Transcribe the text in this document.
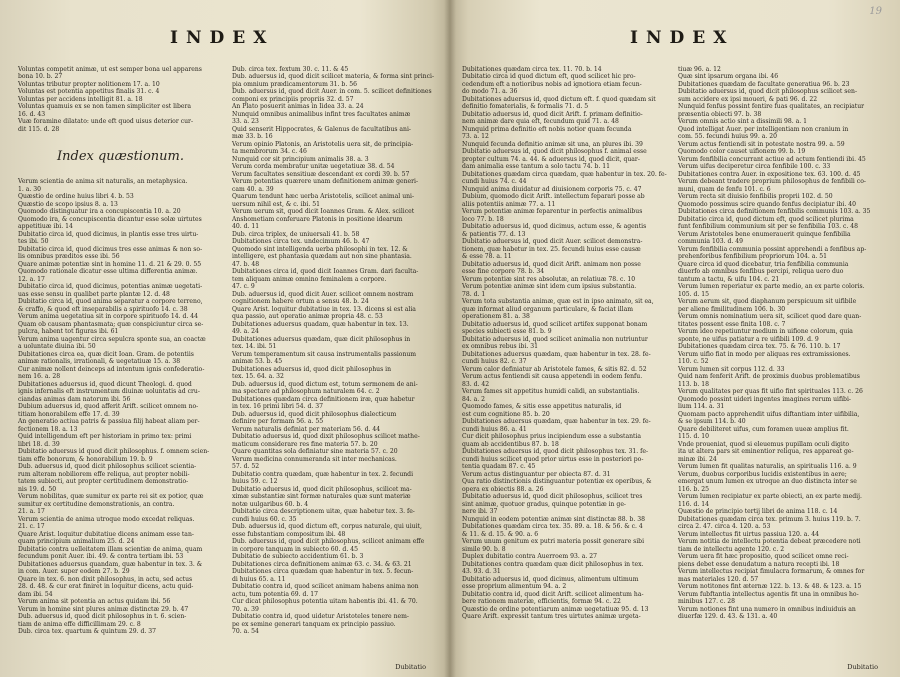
INDEX

Voluntas competit animæ, ut est semper bona uel apparens
bona 10. b. 27
Voluntas tributur propter nolitionem 17. a. 10
Voluntas est potentia appetitus finalis 31. c. 4
Voluntas per accidens intelligit 81. a. 18
Voluntas quamuis ex se non tamen simpliciter est libera
16. d. 43
Vuæ foramine dilatato: unde eft quod uisus deterior cur-
dit 115. d. 28

Index quæstionum.

Verum scientia de anima sit naturalis, an metaphysica.
1. a. 30
Quæstio de ordine huius libri 4. b. 53
Quæstio de scopo ipsius 8. a. 13
Quomodo distinguatur ira a concupiscentia 10. a. 20
Quomodo ira, & concupiscentia dicantur esse solæ uirtutes
appetitiuæ ibi. 14
Dubitatio circa id, quod dicimus, in plantis esse tres uirtu-
tes ibi. 50
Dubitatio circa id, quod dicimus tres esse animas & non so-
lis omnibus præditos esse ibi. 56
Quare animæ potentiæ sint in homine 11. d. 21 & 29. 0. 55
Quomodo rationale dicatur esse ultima differentia animæ.
12. a. 17
Dubitatio circa id, quod dicimus, potentias animæ uegetati-
uas esse sensu in qualibet parte plantæ 12. d. 48
Dubitatio circa id, quod anima separatur a corpore terreno,
& craffo, & quod eft inseparabilis a spirituofo 14. c. 38
Verum anima uegetatiua sit in corpore spirituofo 14. d. 44
Quam ob causam phantasmata; quæ conspiciuntur circa se-
pulcra, habent tot figuras ibi. 61
Verum anima uagentur circa sepulcra sponte sua, an coactæ
a uoluntate diuina ibi. 50
Dubitationes circa ea, quæ dicit Ioan. Gram. de potentiis
animæ rationalis, irrationali, & uegetatiuæ 15. a. 38
Cur animæ nollent deinceps ad intentum ignis confederatio-
nem 16. a. 28
Dubitationes aduersus id, quod dicunt Theologi. d. quod
ignis infernalis eft instrumentum diuinæ uoluntatis ad cru-
ciandas animas dam natorum ibi. 56
Dubium aduersus id, quod afferit Arift. scilicet omnem no-
titiam honorabilem effe 17. d. 39
An generatio actiua patris & passiua filij habeat aliam per-
fectionem 18. a. 13
Quid intelligendum eft per historiam in primo tex: primi
libri 18. d. 39
Dubitatio aduersus id quod dicit philosophus. f. omnem scien-
tiam effe bonorum, & honorabilium 19. b. 9
Dub. aduersus id, quod dicit philosophus scilicet scientia-
rum alteram nobiliorem effe reliqua, aut propter nobili-
tatem subiecti, aut propter certitudinem demonstratio-
nis 19. d. 50
Verum nobilitas, quæ sumitur ex parte rei sit ex potior, quæ
sumitur ex certitudine demonstrationis, an contra.
21. a. 17
Verum scientia de anima utroque modo excedat reliquas.
21. c. 17
Quare Arist. loquitur dubitatiue dicens animam esse tan-
quam principium animalium 25. d. 24
Dubitatio contra uelleitatem illam scientiæ de anima, quam
fecundum ponit Auer. ibi. 49. & contra tertiam ibi. 53
Dubitationes aduersus quandam, quæ habentur in tex. 3. &
in com. Auer. super eodem 27. b. 29
Quare in tex. 6. non dixit philosophus, in actu, sed actus
28. d. 48. & cur erat finiret in loquitur dicens, actu quid-
dam ibi. 54
Verum anima sit potentia an actus quidam ibi. 56
Verum in homine sint plures animæ distinctæ 29. b. 47
Dub. aduersus id, quod dicit philosophus in t. 6. scien-
tiam de anima effe difficillimam 29. c. 8
Dub. circa tex. quartum & quintum 29. d. 37

Dub. circa tex. fextum 30. c. 11. & 45
Dub. aduersus id, quod dicit scilicet materia, & forma sint princi-
pia omnium prædicamentorum 31. b. 56
Dub. aduersus id, quod dicit Auer. in com. 5. scilicet definitiones
componi ex principiis propriis 32. d. 57
An Plato posuerit animas in Iidea 33. a. 24
Nunquid omnibus animalibus infint tres facultates animæ
33. a. 23
Quid senserit Hippocrates, & Galenus de facultatibus ani-
mæ 33. b. 16
Verum opinio Platonis, an Aristotelis uera sit, de principia-
ta membrorum 34. c. 46
Nunquid cor sit principium animalis 38. a. 3
Verum corda membratur unitæ uegetatiuæ 38. d. 54
Verum facultates sensitiuæ descendant ex cordi 39. b. 57
Verum potentias quærere unam definitionem animæ generi-
cam 40. a. 39
Quarum tendunt hæc uerba Aristotelis, scilicet animal uni-
uersum nihil est, & c. ibi. 51
Verum uerum sit, quod dicit Ioannes Gram. & Alex. scilicet
Anshometiam conferuare Platonis in positione idearum
40. d. 11
Dub. circa triplex, de uniuersali 41. b. 58
Dubitationes circa tex. undecimum 46. b. 47
Quomodo sint intelligenda uerba philosophi in tex. 12. &
intelligere, est phantasia quædam aut non sine phantasia.
47. b. 48
Dubitationes circa id, quod dicit Ioannes Gram. dari faculta-
tem aliquam animæ omnino feminalem a corpore.
47. c. 9
Dub. aduersus id, quod dicit Auer. scilicet omnem nostram
cognitionem habere ortum a sensu 48. b. 24
Quare Arist. loquitur dubitatiue in tex. 13. dicens si est alia
qua passio, aut operatio animæ propria 48. c. 53
Dubitationes aduersus quadam, quæ habentur in tex. 13.
49. a. 24
Dubitationes aduersus quædam, quæ dicit philosophus in
tex. 14. ibi. 51
Verum temperamentum sit causa instrumentalis passionum
animæ 53. b. 45
Dubitationes aduersus id, quod dicit philosophus in
tex. 15. 64. a. 32
Dub. aduersus id, quod dictum est, totum sermonem de ani-
ma spectare ad philosophum naturalem 64. c. 2
Dubitationes quædam circa definitionem iræ, quæ habetur
in tex. 16 primi libri 54. d. 37
Dub. aduersus id, quod dicit philosophus dialecticum
definire per formam 56. a. 55
Verum naturalis definiat per materiam 56. d. 44
Dubitatio aduersus id, quod dixit philosophus scilicet mathe-
maticum considerare res fine materia 57. b. 20
Quare quantitas sola definiatur sine materia 57. c. 20
Verum medicina connumeranda sit inter mechanicas.
57. d. 52
Dubitatio contra quædam, quæ habentur in tex. 2. fecundi
huius 59. c. 12
Dubitatio aduersus id, quod dicit philosophus, scilicet ma-
ximæ substantiæ sint formæ naturales quæ sunt materiæ
notæ uulgaribus 60. b. 4
Dubitatio circa descriptionem uitæ, quæ habetur tex. 3. fe-
cundi huius 60. c. 35
Dub. aduersus id, quod dictum eft, corpus naturale, qui uiuit,
esse fubstantiam compositum ibi. 48
Dub. aduersus id, quod dicit philosophus, scilicet animam effe
in corpore tanquam in subiecto 60. d. 45
Dubitatio de subiecto accidentium 61. b. 3
Dubitationes circa definitionem animæ 63. c. 34. & 63. 21
Dubitationes circa quædam quæ habentur in tex. 5. fecun-
di huius 65. a. 11
Dubitatio contra id, quod scilicet animam habens anima non
actu, tum potentia 69. d. 17
Cur dicat philosophus potentia uitam habentis ibi. 41. & 70.
70. a. 39
Dubitatio contra id, quod uidetur Aristoteles tenere nem-
pe ex semine generari tanquam ex principio passiuo.
70. a. 54

Dubitatio
INDEX
19

Dubitationes quædam circa tex. 11. 70. b. 14
Dubitatio circa id quod dictum eft, quod scilicet hic pro-
cedendum eft a notioribus nobis ad ignotiora etiam fecun-
do modo 71. a. 36
Dubitationes aduersus id, quod dictum eft. f. quod quædam sit
definitio fomaterialis, & formalis 71. d. 5
Dubitatio aduersus id, quod dicit Arift. f. primam definitio-
nem animæ dare quia eft, fecundum quid 71. a. 48
Nunquid prima definitio eft nobis notior quam fecunda
73. a. 12
Nunquid fecunda definitio animæ sit una, an plures ibi. 39
Dubitatio aduersus id, quod dicit philosophus f. animal esse
propter cultum 74. a. 44. & aduersus id, quod dicit, quar-
dam animalia esse tantum a solo tactu 74. b. 11
Dubitationes quædam circa quædam, quæ habentur in tex. 20. fe-
cundi huius 74. c. 44
Nunquid anima diuidatur ad diuisionem corporis 75. c. 47
Dubium, quomodo dicit Arift. intellectum feparari posse ab
aliis potentiis animæ 77. a. 11
Verum potentiæ animæ feparentur in perfectis animalibus
loco 77. b. 18
Dubitatio aduersus id, quod dicimus, actum esse, & agentis
& patientis 77. d. 13
Dubitatio aduersus id, quod dicit Auer. scilicet demonstra-
tionem, quæ habetur in tex. 25. fecundi huius esse causæ
& esse 78. a. 11
Dubitatio aduersus id, quod dicit Arift. animam non posse
esse fine corpore 78. b. 34
Verum potentiæ sint res absolutæ, an relatiuæ 78. c. 10
Verum potentiæ animæ sint idem cum ipsius substantia.
78. d. 1
Verum tota substantia animæ, quæ est in ipso animato, sit ea,
quæ informat aliud organum particulare, & faciat illam
operationem 81. a. 38
Dubitatio aduersus id, quod scilicet artifex supponat bonam
species subiecti esse 81. b. 9
Dubitatio aduersus id, quod scilicet animalia non nutriuntur
ex omnibus rebus ibi. 31
Dubitationes aduersus quædam, quæ habentur in tex. 28. fe-
cundi huius 82. c. 37
Verum calor definiatur ab Aristotele fames, & sitis 82. d. 52
Verum actus fentiendi sit causa appetendi in eodem fenfu.
83. d. 42
Verum fames sit appetitus humidi calidi, an substantialis.
84. a. 2
Quomodo fames, & sitis esse appetitus naturalis, id
est cum cognitione 85. b. 20
Dubitationes aduersus quædam, quæ habentur in tex. 29. fe-
cundi huius 86. a. 41
Cur dicit philosophus prius incipiendum esse a substantia
quam ab accidentibus 87. b. 18
Dubitationes aduersus id, quod dicit philosophus tex. 31. fe-
cundi huius scilicet quod prior uirtus esse in posteriori po-
tentia quadam 87. c. 45
Verum actus distinguantur per obiecta 87. d. 31
Qua ratio distinctionis distinguantur potentiæ ex operibus, &
opera ex obiectis 88. a. 26
Dubitatio aduersus id, quod dicit philosophus, scilicet tres
sint animæ, quotuor gradus, quinque potentiæ in ge-
nere ibi. 37
Nunquid in eodem potentiæ animæ sint distinctæ 88. b. 38
Dubitationes quædam circa tex. 35. 89. a. 18. & 56. & c. 4
& 11. & d. 15. & 90. a. 6
Verum unum genitum ex putri materia possit generare sibi
simile 90. b. 8
Duplex dubitatio contra Auerroem 93. a. 27
Dubitationes contra quædam quæ dicit philosophus in tex.
43. 93. d. 31
Dubitatio aduersus id, quod dicimus, alimentum ultimum
esse proprium alimentum 94. a. 2
Dubitatio contra id, quod dicit Arift. scilicet alimentum ha-
bere rationem materiæ, efficientis, formæ 94. c. 22
Quæstio de ordine potentiarum animæ uegetatiuæ 95. d. 13
Quare Arift. expressit tantum tres uirtutes animæ urgeta-

tiuæ 96. a. 12
Quæ sint ipsarum organa ibi. 46
Dubitationes quædam de facultate generatiua 96. b. 23
Dubitatio aduersus id, quod dicit philosophus scilicet sen-
sum accidere ex ipsi moueri, & pati 96. d. 22
Nunquid fenfus possint fentire fuas qualitates, an recipiatur
præsentia obiecti 97. b. 38
Verum omnis actio sint a dissimili 98. a. 1
Quod intelligat Auer. per intelligentiam non cranium in
com. 55. fecundi huius 99. a. 20
Verum actus fentiendi sit in potestate nostra 99. a. 59
Quomodo color causet uifionem 99. b. 19
Verum fenfibilia concurrant actiue ad actum fentiendi ibi. 45
Verum uifus deciperetur circa fenfibile 100. c. 33
Dubitationes contra Auer. in expositione tex. 63. 100. d. 45
Verum debeant tradere proprium philosophus de fenfibili co-
muni, quam de fenfu 101. c. 6
Verum recta sit diuisio fenfibilis proprii 102. d. 50
Quomodo possimus scire quando fenfus decipiatur ibi. 40
Dubitationes circa definitionem fenfibilis communis 103. a. 35
Dubitatio circa id, quod dictum eft, quod scilicet plurima
funt fenfibilium communium sit per se fenfibilia 103. c. 48
Verum Aristoteles bene enumerauerit quinque fenfibilia
communia 103. d. 49
Verum fenfibilia communia possint apprehendi a fenfibus ap-
prehenforibus fenfibilium propriorum 104. a. 51
Quare circa id quod dicebatur, tria fenfibilia communia
diuerfo ab omnibus fenfibus percipi, reliqua uero duo
tantum a tactu, & uifu 104. c. 21
Verum lumen reperiatur ex parte medio, an ex parte coloris.
105. d. 15
Verum aerum sit, quod diaphanum perspicuum sit uifibile
per aliene fimilitudinem 106. b. 30
Verum omnis nominatium uera sit, scilicet quod dare quan-
titates possent esse finita 108. c. 7
Verum ideo repetiuntur medium in uifione colorum, quia
sponte, ne uifus patiatur a re uifibili 109. d. 9
Dubitationes quædam circa tex. 75. & 76. 110. b. 17
Verum uifio fiat in modo per aliquas res extramissiones.
110. c. 52
Verum lumen sit corpus 112. d. 33
Quid nam fenferit Arift. de proximis duobus problematibus
113. b. 18
Verum qualitates per quas fit uifio fint spirituales 113. c. 26
Quomodo possint uideri ingentes imagines rerum uifibi-
lium 114. a. 31
Quomam pacto apprehendit uifus diftantiam inter uifibilia,
& se ipsum 114. b. 40
Quare debiliteret uifus, cum foramen uueæ amplius fit.
115. d. 10
Vnde proueniat, quod si eleuemus pupillam oculi digito
ita ut altera pars sit eminentior reliqua, res appareat ge-
minæ ibi. 24
Verum lumen fit qualitas naturalis, an spiritualis 116. a. 9
Verum, duobus corporibus lucidis existentibus in aere;
emergat unum lumen ex utroque an duo distincta inter se
116. b. 25
Verum lumen recipiatur ex parte obiecti, an ex parte medij.
116. d. 14
Quæstio de principio tertij libri de anima 118. c. 14
Dubitationes quædam circa tex. primum 3. huius 119. b. 7.
circa 2. 47. circa 4. 120. a. 53
Verum intellectus fit uirtus passiua 120. a. 44
Verum notitia de intellectu potentia debeat præcedere noti
tiam de intellectu agente 120. c. 2
Verum uera fit hæc propositio, quod scilicet omne reci-
piens debet esse denudatum a natura recepti ibi. 18
Verum intellectus recipiat fimulacra formarum, & omnes for
mas materiales 120. d. 57
Verum notitones fint æternæ 122. b. 13. & 48. & 123. a. 15
Verum fubftantia intellectus agentis fit una in omnibus ho-
minibus 127. c. 28
Verum notiones fint una numero in omnibus indiuiduis an
diuerfæ 129. d. 43. & 131. a. 40

Dubitatio
